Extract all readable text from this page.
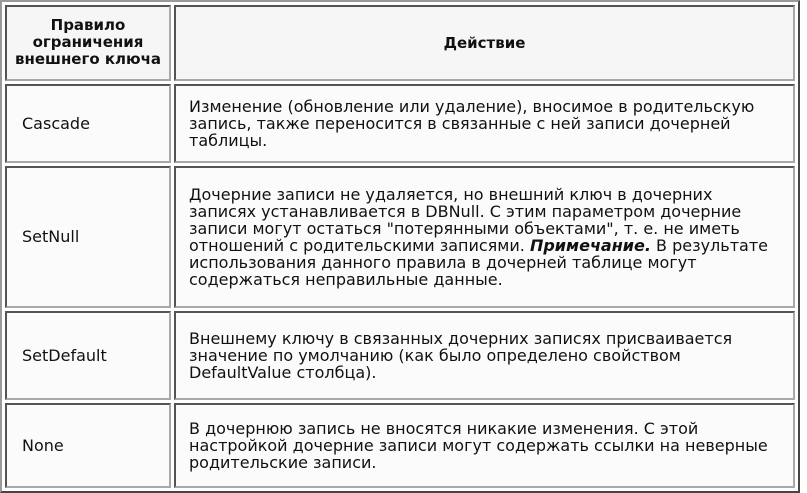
Правило ограничения внешнего ключа	Действие
Cascade	Изменение (обновление или удаление), вносимое в родительскую запись, также переносится в связанные с ней записи дочерней таблицы.
SetNull	Дочерние записи не удаляется, но внешний ключ в дочерних записях устанавливается в DBNull. С этим параметром дочерние записи могут остаться "потерянными объектами", т. е. не иметь отношений с родительскими записями. Примечание. В результате использования данного правила в дочерней таблице могут содержаться неправильные данные.
SetDefault	Внешнему ключу в связанных дочерних записях присваивается значение по умолчанию (как было определено свойством DefaultValue столбца).
None	В дочернюю запись не вносятся никакие изменения. С этой настройкой дочерние записи могут содержать ссылки на неверные родительские записи.
